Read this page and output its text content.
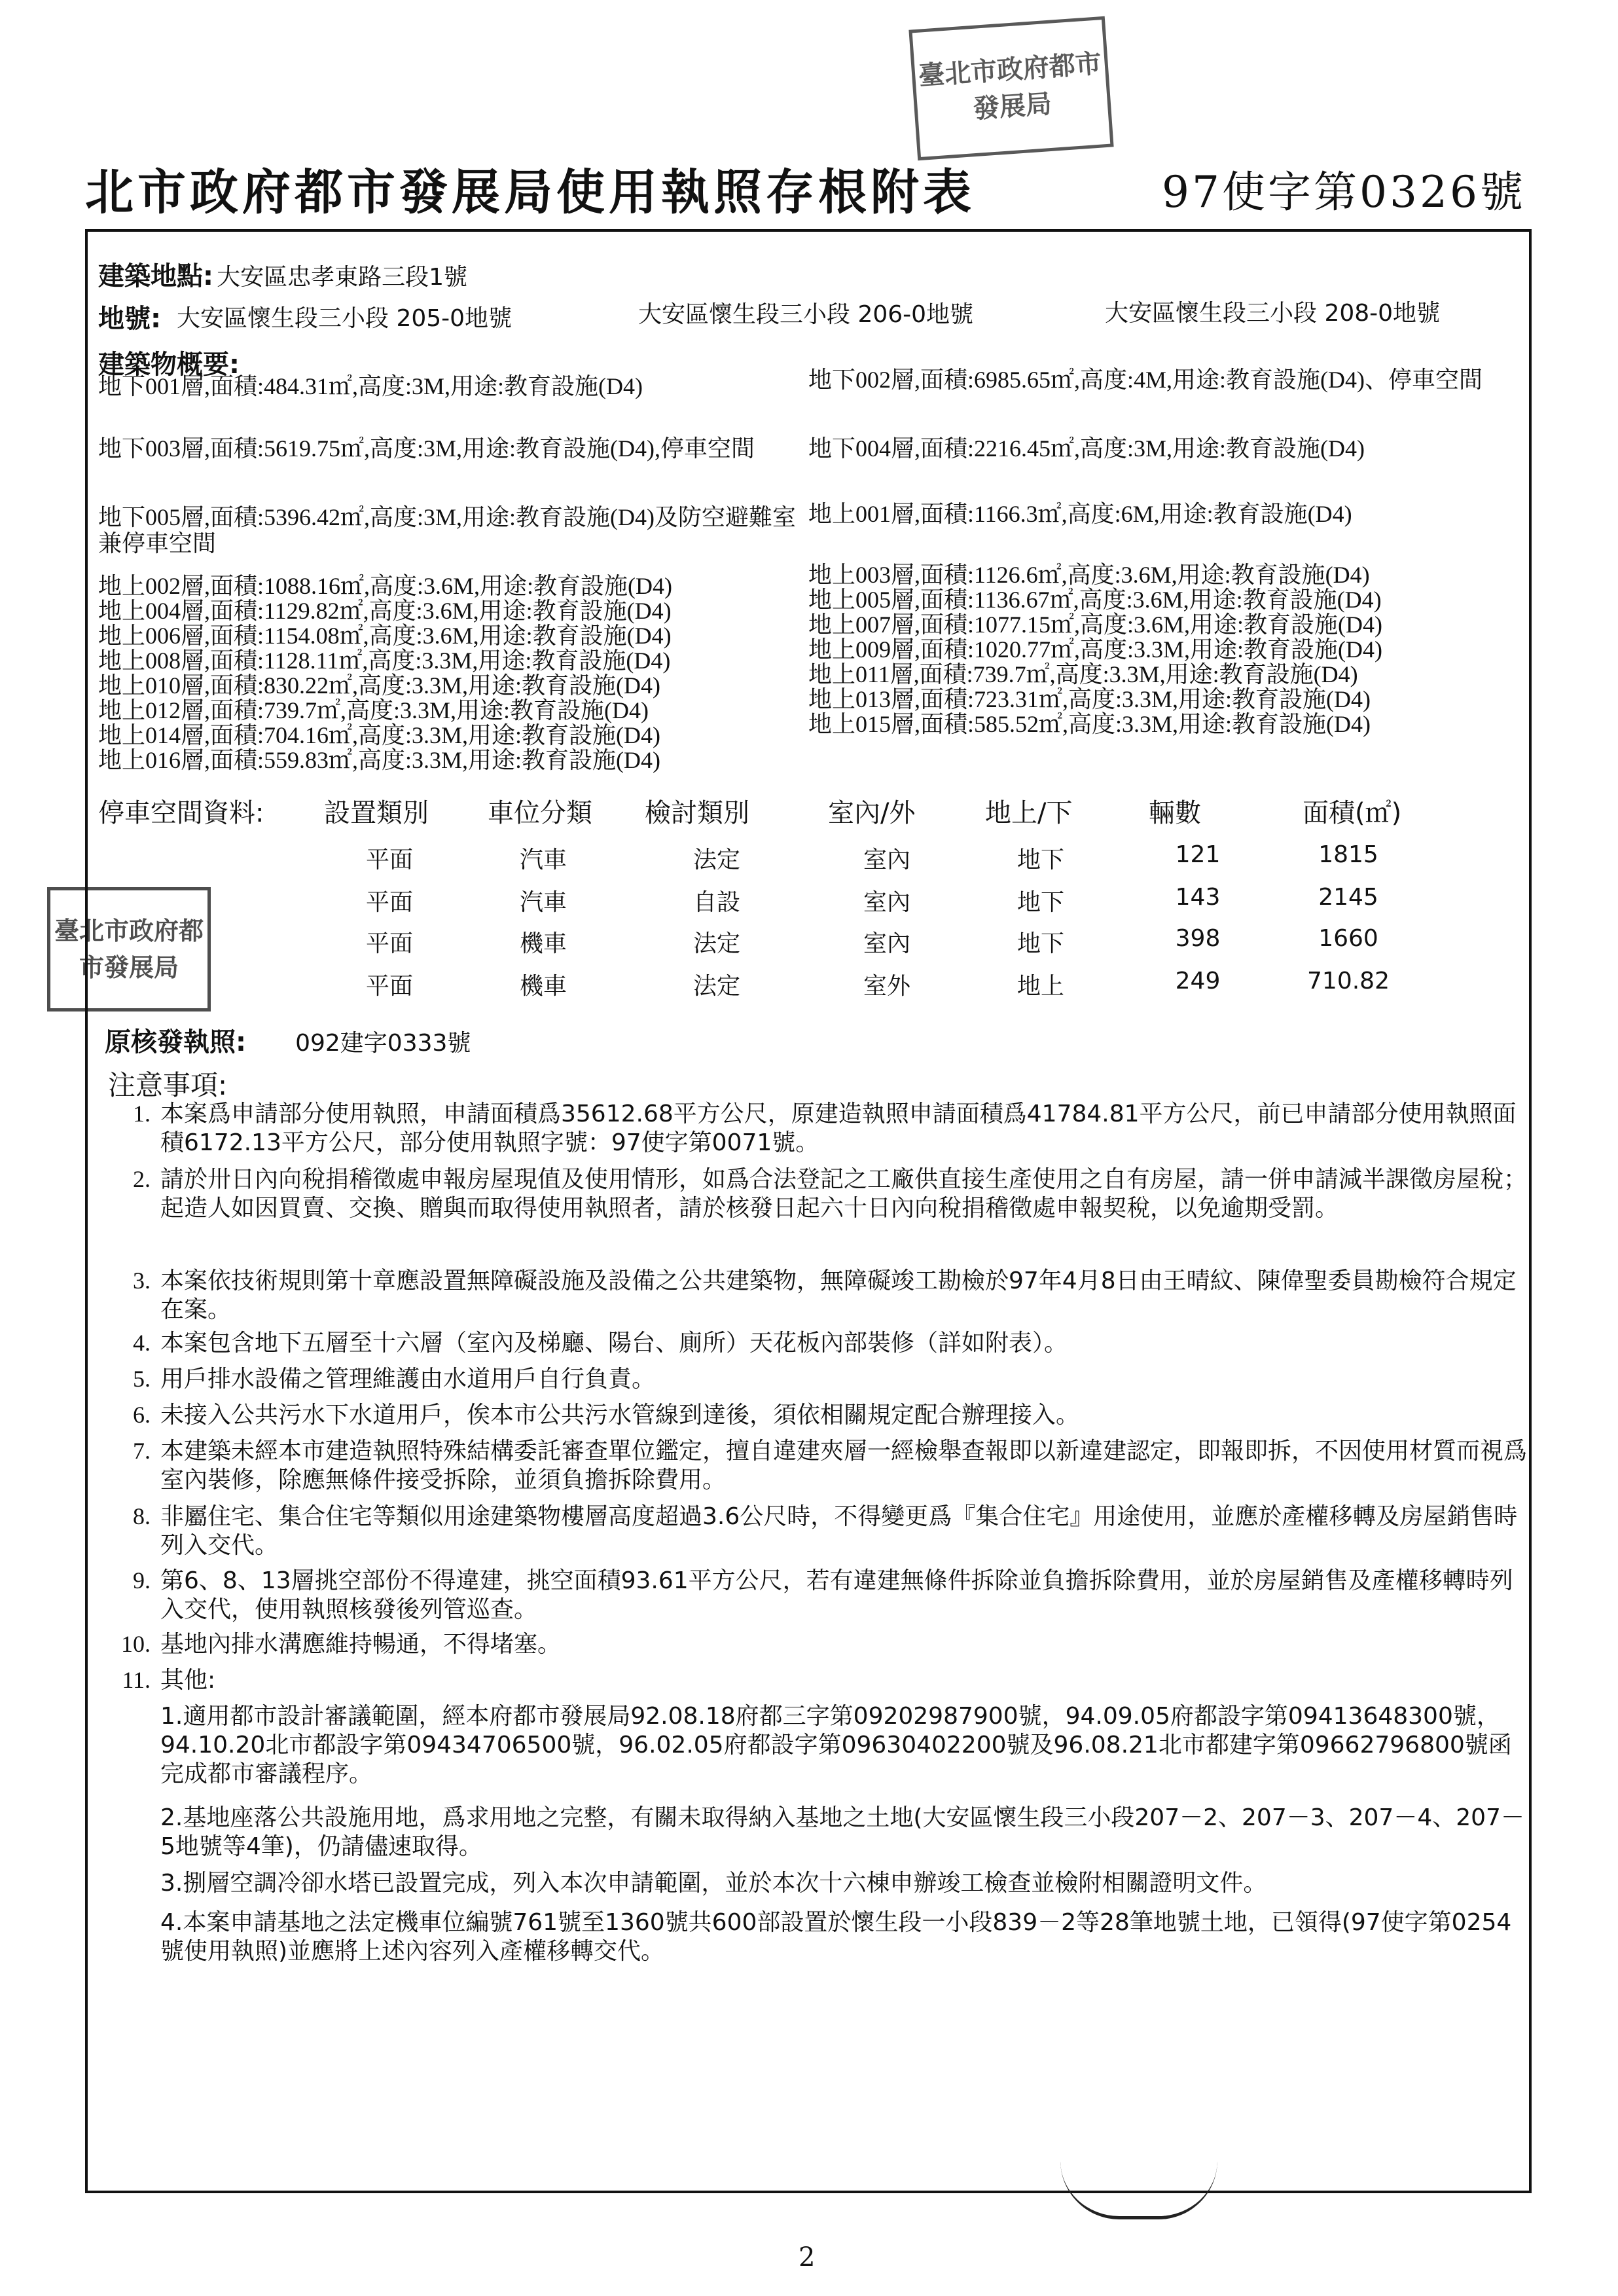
臺北市政府都市發展局
臺北市政府都市發展局
北市政府都市發展局使用執照存根附表	97使字第0326號
建築地點: 大安區忠孝東路三段1號
地號: 大安區懷生段三小段 205-0地號	大安區懷生段三小段 206-0地號	大安區懷生段三小段 208-0地號
建築物概要:
地下001層,面積:484.31㎡,高度:3M,用途:教育設施(D4)
地下003層,面積:5619.75㎡,高度:3M,用途:教育設施(D4),停車空間
地下005層,面積:5396.42㎡,高度:3M,用途:教育設施(D4)及防空避難室兼停車空間
地上002層,面積:1088.16㎡,高度:3.6M,用途:教育設施(D4)
地上004層,面積:1129.82㎡,高度:3.6M,用途:教育設施(D4)
地上006層,面積:1154.08㎡,高度:3.6M,用途:教育設施(D4)
地上008層,面積:1128.11㎡,高度:3.3M,用途:教育設施(D4)
地上010層,面積:830.22㎡,高度:3.3M,用途:教育設施(D4)
地上012層,面積:739.7㎡,高度:3.3M,用途:教育設施(D4)
地上014層,面積:704.16㎡,高度:3.3M,用途:教育設施(D4)
地上016層,面積:559.83㎡,高度:3.3M,用途:教育設施(D4)
地下002層,面積:6985.65㎡,高度:4M,用途:教育設施(D4)、停車空間
地下004層,面積:2216.45㎡,高度:3M,用途:教育設施(D4)
地上001層,面積:1166.3㎡,高度:6M,用途:教育設施(D4)
地上003層,面積:1126.6㎡,高度:3.6M,用途:教育設施(D4)
地上005層,面積:1136.67㎡,高度:3.6M,用途:教育設施(D4)
地上007層,面積:1077.15㎡,高度:3.6M,用途:教育設施(D4)
地上009層,面積:1020.77㎡,高度:3.3M,用途:教育設施(D4)
地上011層,面積:739.7㎡,高度:3.3M,用途:教育設施(D4)
地上013層,面積:723.31㎡,高度:3.3M,用途:教育設施(D4)
地上015層,面積:585.52㎡,高度:3.3M,用途:教育設施(D4)
停車空間資料: 設置類別 車位分類 檢討類別	室內/外	地上/下	輛數	面積(㎡)
平面	汽車	法定	室內	地下	121	1815
平面	汽車	自設	室內	地下	143	2145
平面	機車	法定	室內	地下	398	1660
平面	機車	法定	室外	地上	249	710.82
原核發執照: 092建字0333號
注意事項:
1. 本案爲申請部分使用執照，申請面積爲35612.68平方公尺，原建造執照申請面積爲41784.81平方公尺，前已申請部分使用執照面積6172.13平方公尺，部分使用執照字號：97使字第0071號。
2. 請於卅日內向稅捐稽徵處申報房屋現值及使用情形，如爲合法登記之工廠供直接生產使用之自有房屋，請一併申請減半課徵房屋稅；起造人如因買賣、交換、贈與而取得使用執照者，請於核發日起六十日內向稅捐稽徵處申報契稅，以免逾期受罰。
3. 本案依技術規則第十章應設置無障礙設施及設備之公共建築物，無障礙竣工勘檢於97年4月8日由王晴紋、陳偉聖委員勘檢符合規定在案。
4. 本案包含地下五層至十六層（室內及梯廳、陽台、廁所）天花板內部裝修（詳如附表）。
5. 用戶排水設備之管理維護由水道用戶自行負責。
6. 未接入公共污水下水道用戶，俟本市公共污水管線到達後，須依相關規定配合辦理接入。
7. 本建築未經本市建造執照特殊結構委託審查單位鑑定，擅自違建夾層一經檢舉查報即以新違建認定，即報即拆，不因使用材質而視爲室內裝修，除應無條件接受拆除，並須負擔拆除費用。
8. 非屬住宅、集合住宅等類似用途建築物樓層高度超過3.6公尺時，不得變更爲『集合住宅』用途使用，並應於產權移轉及房屋銷售時列入交代。
9. 第6、8、13層挑空部份不得違建，挑空面積93.61平方公尺，若有違建無條件拆除並負擔拆除費用，並於房屋銷售及產權移轉時列入交代，使用執照核發後列管巡查。
10. 基地內排水溝應維持暢通，不得堵塞。
11. 其他:
1.適用都市設計審議範圍，經本府都市發展局92.08.18府都三字第09202987900號，94.09.05府都設字第09413648300號，94.10.20北市都設字第09434706500號，96.02.05府都設字第09630402200號及96.08.21北市都建字第09662796800號函完成都市審議程序。
2.基地座落公共設施用地，爲求用地之完整，有關未取得納入基地之土地(大安區懷生段三小段207－2、207－3、207－4、207－5地號等4筆)，仍請儘速取得。
3.捌層空調冷卻水塔已設置完成，列入本次申請範圍，並於本次十六棟申辦竣工檢查並檢附相關證明文件。
4.本案申請基地之法定機車位編號761號至1360號共600部設置於懷生段一小段839－2等28筆地號土地，已領得(97使字第0254號使用執照)並應將上述內容列入產權移轉交代。
2
